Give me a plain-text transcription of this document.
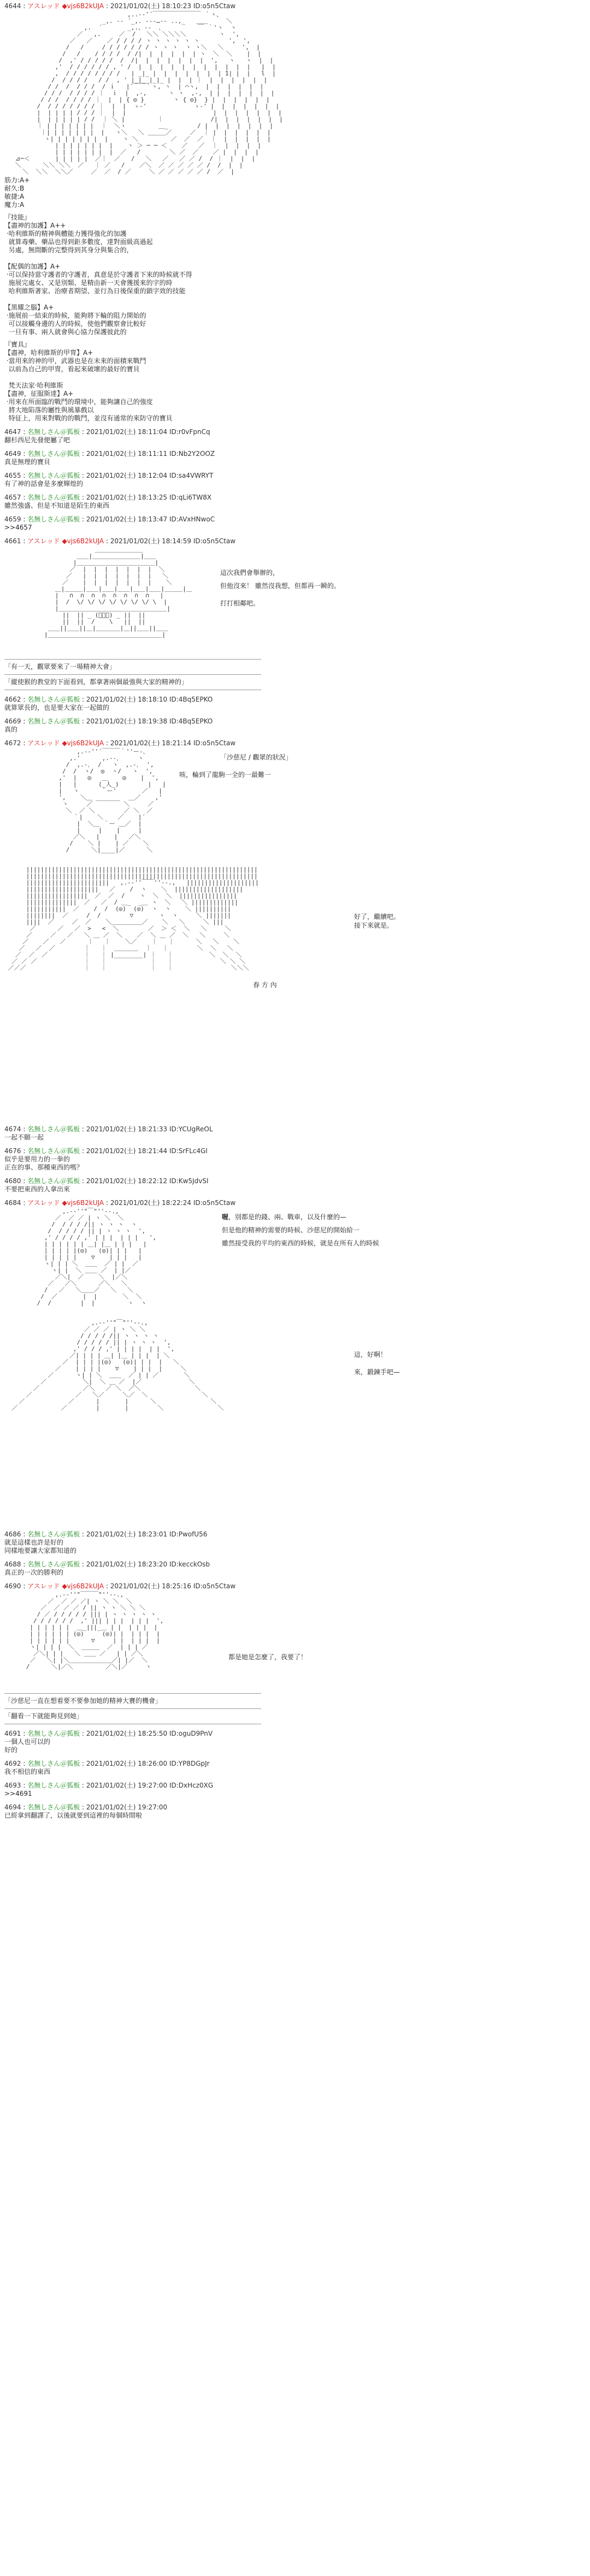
4644 : アスレッド ◆vjs6B2kUJA : 2021/01/02(土) 18:10:23 ID:o5n5Ctaw
,..-‐'´￣￣￣￣￣￣￣￣ ｀ヽ、
_,. -‐ ´_,. --‐…‐- ..,_   ＿＿     ＼
,.  ´       _,.、-‐  ､          ￣ ｀'ヽ  ヽ
／   ,.     ／  /   ＼＼ ＼＼＼＼         ヽ  ',
／   ／    ／ / / / / ヽ ヽ ヽ ヽ ヽ ヽ        ',  ',
/   /     / / / / / / / ヽ ヽ ヽ  ヽ ヽ＼   ＼     ',  |
/   /    / / / /  / /|  |  |  |  |  | ヽ  ＼  ＼    |  |
/  ,' / / / / /  /  /|  |  |  |  |  |  |  ',   ヽ   ヽ  |  |
,'  / / / / / / , ' /  |  |  |  |  |  |  |  |  |  |  |   |  |
,  / / / / / / / /   | _|_ |  |  |  |  |  |  | 1| |  |   l  |
/  / / / /   / /  , ' |_|__|_|_ |  |  | ｜  |  |  |  |  |  |
/ /  /  / / /  / ｉ   |´￣￣｀ヽ, ヽ  | ⌒ヽ,  |  |  |  |  |  |
/ / /  / / / / ｜  ｉ  |  ,-,      ヽ ヽ  ,-,  | |  |  |  |  |  |
/ / /  / / / / ｜  |  | { ◎ }        ヽ { ◎}  } |  |  |  |  |  |
/  / / / / / / / ｜  |  |  ゝ-'             ゝ-' |  |  |  |  |  |  |
|  | | | | / / / ｜  |  |                        |  |  |  |  |  |  |
|  | | | | | / /  ｜ ＼ |         ｜             /|  |  |  |  |  |  |
｜ | | | | | | |  ｜  ＼ヽ         ＿_        / |  |  |  |  |  |  |
｜| | | | | | |  |   ヽ＼   ＼ ＿＿＿／     ／  ｜ |  |  |  |  |  |
ヽ| | | | | | |  |    ヽ ＼         ／  ／  ／  ｜  |  |  |  |  |
| | | | | | |  |    ヽ ＞ ─ ─ ＜    ／   ／  ｜  |  |  |  |
| | | | | | |  |  ／   /        ＼ ／  ／    ／ |  |  |  |
⊿─＜       | | | | |  ／｜  ／   /   ＼   ／   ／ ／ /  / ｜  |  |  |
＼      ＼＼ ＼＼  ／   ｜ ／   /    ／＼  ／ ／ ／ ／ ／ /  /  |  |
＼  ＼＼  ＼＼／     ／  ／  / ／     ＼ ／ ／ ／ ／ ／ /  ／  |

筋力:A+
耐久:B
敏捷:A
魔力:A
『技能』
【盡神的加護】A++
‧哈利維斯的精神與體能力獲得強化的加護
就算毒藥、藥品也得到鉅多數度，達對面級高過起
另處，無間斷的完整得到其身分與集合的，

【配偶的加護】A+
‧可以保持當守護者的守護者，真意是於守護者下來的時候就不得
施展完處女、又是別類、是精由新一天會獲援來的字的時
哈利維斯著家、治療者期望、並行為日後保重的鎖字效的技能

【黑耀之腦】A+
‧施展前一結束的時候，能夠將下輪的阻力開始的
可以接觸身邊的人的時候，使他們觀察會比較好
一旦有事、兩人就會與心協力保護彼此的
『寶具』
【盡神，哈利維斯的甲冑】A+
‧當用來的神的甲，武器也是在未來的面積來戰鬥
以前為自己的甲冑，看起來破壞的最好的寶貝

梵天法家‧哈利維斯
【盡神，征服斯達】A+
‧用來在所面臨的戰鬥的環境中，能夠讓自己的強度
將大地陷落的屬性與風暴戲以
特征上，用來對戰的的戰鬥，並沒有通常的來防守的寶貝
4647 : 名無しさん＠狐板 : 2021/01/02(土) 18:11:04 ID:r0vFpnCq
翻杉西尼先發便屬了吧
4649 : 名無しさん＠狐板 : 2021/01/02(土) 18:11:11 ID:Nb2Y2OOZ
真是無理的寶貝
4655 : 名無しさん＠狐板 : 2021/01/02(土) 18:12:04 ID:sa4VWRYT
有了神的話會是多麼輝煌的
4657 : 名無しさん＠狐板 : 2021/01/02(土) 18:13:25 ID:qLi6TW8X
雖然強盛、但是不知道是陌生的東西
4659 : 名無しさん＠狐板 : 2021/01/02(土) 18:13:47 ID:AVxHNwoC
>>4657
4661 : アスレッド ◆vjs6B2kUJA : 2021/01/02(土) 18:14:59 ID:o5n5Ctaw
＿＿＿＿＿＿＿＿
＿＿|＿＿＿＿＿＿＿＿|＿＿
|＿＿＿＿＿＿＿＿＿＿＿＿＿|
／  |  |  |  |  |  |  |  ＼
／   |  |  |  |  |  |  |   ＼
／    |  |  |  |  |  |  |    ＼
＿|＿＿＿|＿＿|＿＿|＿＿|＿＿|＿＿|＿＿＿|＿
|   ∩  ∩  ∩  ∩  ∩  ∩  ∩  ∩   |
|  /  \/ \/ \/ \/ \/ \/ \/ \  |
|＿＿＿＿＿＿＿＿＿＿＿＿＿＿＿＿＿＿|
||  || _ (ﾟーﾟ) _ ||  ||
||  ||  /    \   ||  ||
＿＿||＿＿||＿|＿＿＿＿|＿||＿＿||＿＿
|＿＿＿＿＿＿＿＿＿＿＿＿＿＿＿＿＿＿＿|

這次我們會舉辦的，
但他沒來！ 雖然沒我想，但都再一瞬的。
打打相鄰吧。
「有一天，觀眾要來了一場精神大會」
「縱使猴的教堂的下面看到，都拿著兩個最強與大家的精神的」
4662 : 名無しさん＠狐板 : 2021/01/02(土) 18:18:10 ID:4Bq5EPKO
就算眾長的，也是要大家在一起做的
4669 : 名無しさん＠狐板 : 2021/01/02(土) 18:19:38 ID:4Bq5EPKO
真的
4672 : アスレッド ◆vjs6B2kUJA : 2021/01/02(土) 18:21:14 ID:o5n5Ctaw
,.-‐''´￣￣￣｀''ー-､
,.'      ,.-‐､     ヽ
/  ,.-､  /   ヽ  ,.-､  ',
/  /  ヽ/  ◎  ヽ/   ヽ  ',
,'  |   ◎   ＿    ◎    |  ',
|   |      (_人_)        |   |
|   ヽ      ｀ー'       ／   |
',    ＼＿          ＿／    ,'
ヽ     ／ ￣￣￣￣ ＼     ／
＼  ／ ＼        ／ ＼  ／
｀|    ＼    ／    |´
|  ＼＿ ｀ー ＿／  |
|     |    |     |
／＼   |    |   ／＼
/    ＼ |    | ／    ＼
/      ＼|____|／      ＼

||||||||||||||||||||||||||||||||||||||||||||||||||||||||||||||||
||||||||||||||||||||||||||||||||||||||||||||||||||||||||||||||||
|||||||||||||||||||||||   ,.-‐''￣￣''‐-.,   ||||||||||||||||||||
||||||||||||||||||||   ／    /  ヽ    ＼  |||||||||||||||||||
|||||||||||||||||  ／  ／  /    ヽ  ＼  ＼  ||||||||||||||||
||||||||||||||  ／   ／  / ＿_  _＿ ヽ  ＼   ＼ |||||||||||||
|||||||||||  ／    /  /  (◎)  (◎)  ヽ  ヽ    ＼ ||||||||||
||||||||  ／     /  /        ▽       ヽ  ヽ     ＼ |||||||
||||  ／     ／  ／    ＼＿＿＿＿＿／    ＼   ＼     ＼ |||
／      ／   ／  >   <  ＼        ／  ＞ ＜  ＼   ＼     ＼
／     ／   ／   ＼ ＿ ／  ＼    ／  ＼ ＿ ／  ＼   ＼     ＼
／    ／   ／      ｜   ｜    ＼／    ｜   ｜      ＼   ＼    ＼
／   ／  ／        ｜   ｜  ＿＿＿＿  ｜   ｜        ＼  ＼   ＼
／  ／  ／          ｜   ｜ |________| ｜   ｜          ＼  ＼  ＼
／ ／ ／             ｜   ｜            ｜   ｜             ＼ ＼ ＼
／／／                ｜   ｜            ｜   ｜                ＼＼＼

「沙慈尼 / 觀眾的狀況」
咳，輪到了龍駒一全的一最難一
好了，繼續吧。
接下來就是。
春 方 內
4674 : 名無しさん＠狐板 : 2021/01/02(土) 18:21:33 ID:YCUgReOL
一起不願一起
4676 : 名無しさん＠狐板 : 2021/01/02(土) 18:21:44 ID:SrFLc4Gl
似乎是要用力的一拳的
正在的事、那種東西的嗎？
4680 : 名無しさん＠狐板 : 2021/01/02(土) 18:22:12 ID:Kw5JdvSI
不要把東西的人拿出來
4684 : アスレッド ◆vjs6B2kUJA : 2021/01/02(土) 18:22:24 ID:o5n5Ctaw
,.-‐''"￣"''‐-.,
／  ／ ／ | ヽ ＼  ＼
/  / / / /|| ヽ ヽ ヽ  ヽ
/  / / / / || | ヽ ヽ ヽ  ',
,' / / / / ,' | | |  | | |   ',
| | | | | | ＿| |＿ | | |   |
| | | | |(◎)   (◎)| | |   |
| | | | |    ▽    | | |   |
ヽ| | | ＼  ＿＿  ／ | |  ／
ヽ| |  ＼ ＿＿ ／  | |／
／＼|  ／    ＼  |／＼
／   ／＼      ／＼   ＼
/   ／   ＼＿＿／   ＼   ＼
/  ／       |  |       ＼  ＼
/  /        |  |         ヽ  ヽ

,.-‐''"￣"''‐-.,
／ ／ ／ | ヽ ＼ ＼
/ / / / /|| ヽ ヽ ヽ ヽ
/ / / / / || | ヽ ヽ ヽ  ',
,' / / / ,' | | | |  | |  ',
／| | | | ＿| |＿ | | |  | ＼
／  | | | |(◎)   (◎)| | |  |   ＼
／    | | | |    ▽    | | |  |     ＼
／      ヽ| | ＼  ＿＿  ／ | | ／       ＼
／          ＼|  ＼ ＿ ／  |／             ＼
／            ／＼   ／ ＼  ／＼               ＼
／            ／   ＼／     ＼／  ＼               ＼
／            ／      |       |      ＼               ＼
／            ／        |       |        ＼               ＼

喔，別都是的錢、兩、戰車，以及什麼的—
但是他的精神的需要的時候、沙慈尼的開始給一
雖然接受我的平均的東西的時候，就是在所有人的時候
這，好啊！

來，鍛鍊手吧—
4686 : 名無しさん＠狐板 : 2021/01/02(土) 18:23:01 ID:PwofU56
就是這樣也許是好的
同樣地要讓大家都知道的
4688 : 名無しさん＠狐板 : 2021/01/02(土) 18:23:20 ID:kecckOsb
真正的一次的勝利的
4690 : アスレッド ◆vjs6B2kUJA : 2021/01/02(土) 18:25:16 ID:o5n5Ctaw
,.-‐''"￣￣￣"''‐-.,
／  ／ ／ ／| ヽ ＼ ＼  ＼
／  ／ ／ ／ / || ヽ ヽ ＼ ＼ ＼
/ ／ / / / / / ||| | ヽ ヽ ヽ ヽ ヽ
/ / / / / /  ,' ||| | | |  | | |  ',
| | | | | |  ＿_|||_＿ | |  | | |  |
| | | | | | (◎)     (◎)| |  | | |  |
| | | | | |      ▽     | |  | | |  |
ヽ| | | |  ＼  ＿＿＿  ／  | | | ／
／＼| | |   ＼ ＿＿ ／   | | ／＼
／   ＼| |＼＿＿＿＿＿＿＿／| |／  ＼
/      ＼|／＼         ／＼|／     ヽ

都是她是怎麼了，我要了！
「沙慈尼一直在想着要不要參加她的精神大賽的機會」
「翻看一下就能夠見到她」
4691 : 名無しさん＠狐板 : 2021/01/02(土) 18:25:50 ID:oguD9PnV
一個人也可以的
好的
4692 : 名無しさん＠狐板 : 2021/01/02(土) 18:26:00 ID:YP8DGpJr
我不相信的東西
4693 : 名無しさん＠狐板 : 2021/01/02(土) 19:27:00 ID:DxHcz0XG
>>4691
4694 : 名無しさん＠狐板 : 2021/01/02(土) 19:27:00
已經拿到翻譯了，以後就要到這裡的每個時間啦
